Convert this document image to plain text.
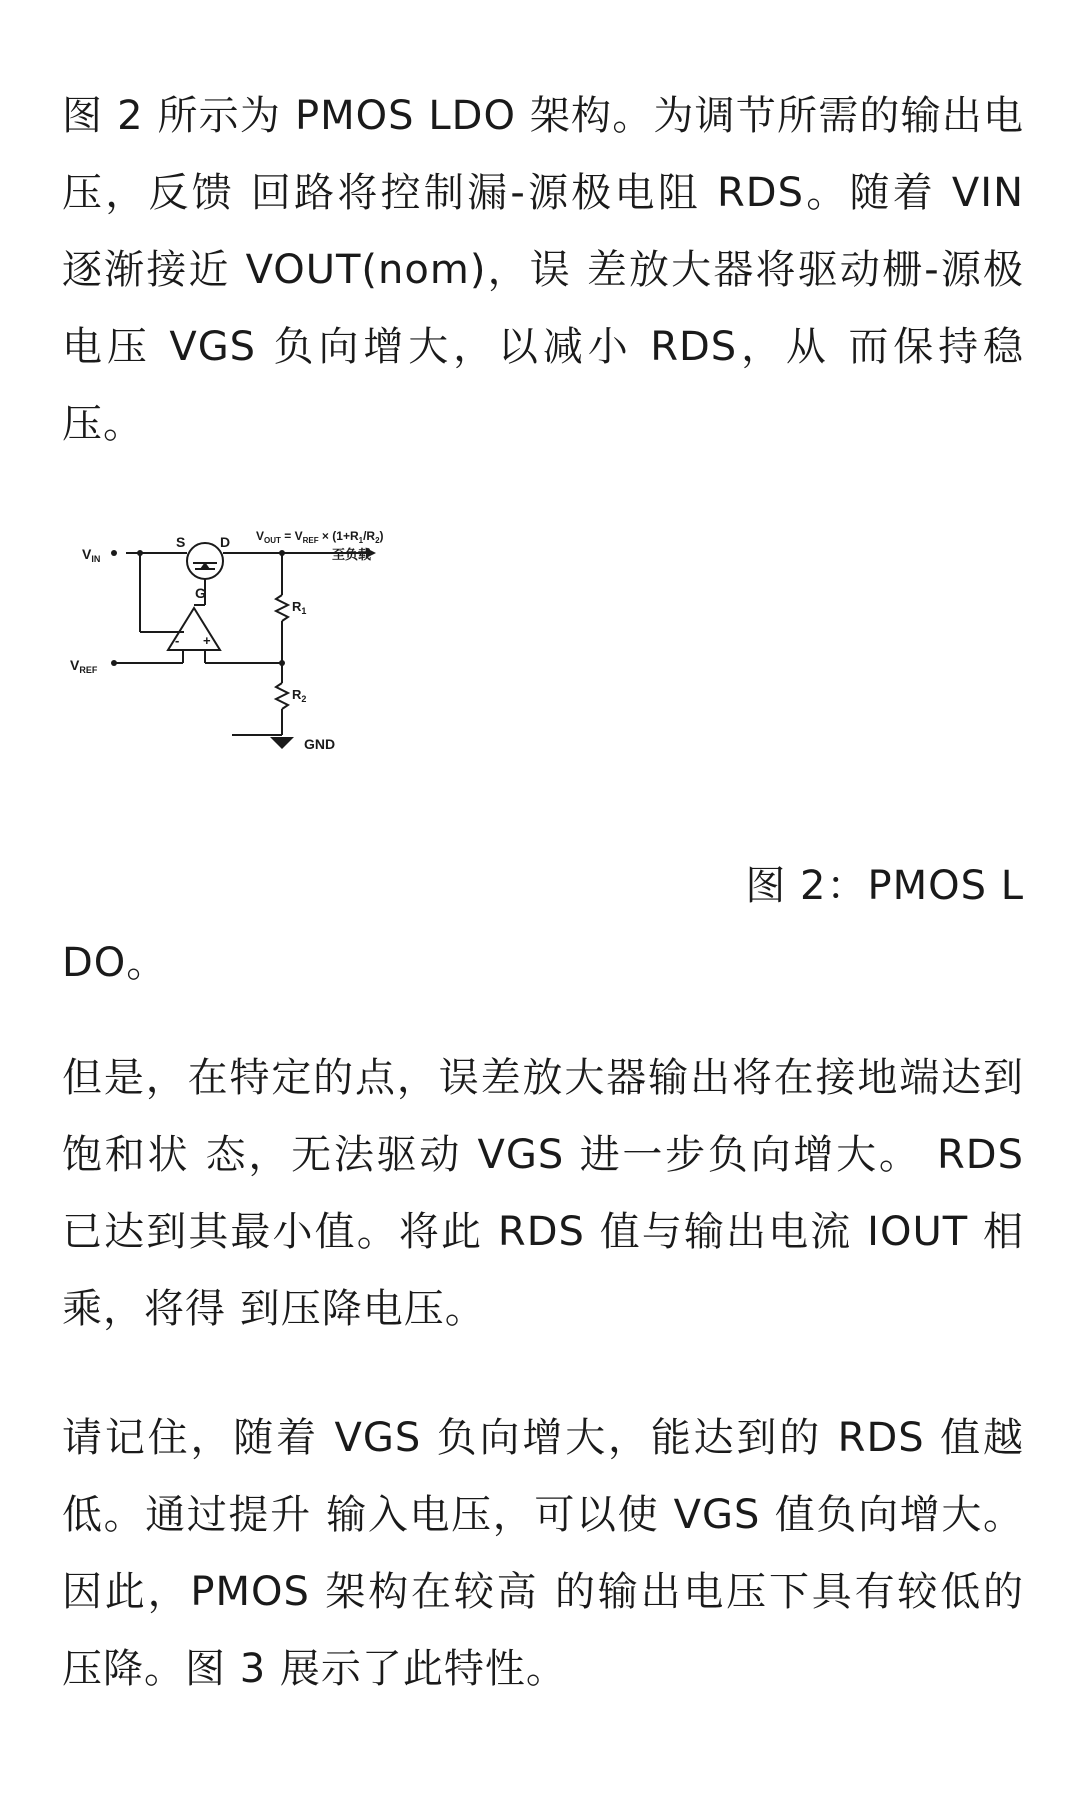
图 2 所示为 PMOS LDO 架构。为调节所需的输出电压，反馈 回路将控制漏-源极电阻 RDS。随着 VIN 逐渐接近 VOUT(nom)，误 差放大器将驱动栅-源极电压 VGS 负向增大，以减小 RDS，从 而保持稳压。

$V_{IN}$
$V_{REF}$
S D
G
$V_{OUT} = V_{REF} \times (1+R_1/R_2)$
至负载
$R_1$
$R_2$
GND
- +

图 2：PMOS L

DO。

但是，在特定的点，误差放大器输出将在接地端达到饱和状 态，无法驱动 VGS 进一步负向增大。 RDS 已达到其最小值。将此 RDS 值与输出电流 IOUT 相乘，将得 到压降电压。

请记住，随着 VGS 负向增大，能达到的 RDS 值越低。通过提升 输入电压，可以使 VGS 值负向增大。因此，PMOS 架构在较高 的输出电压下具有较低的压降。图 3 展示了此特性。
